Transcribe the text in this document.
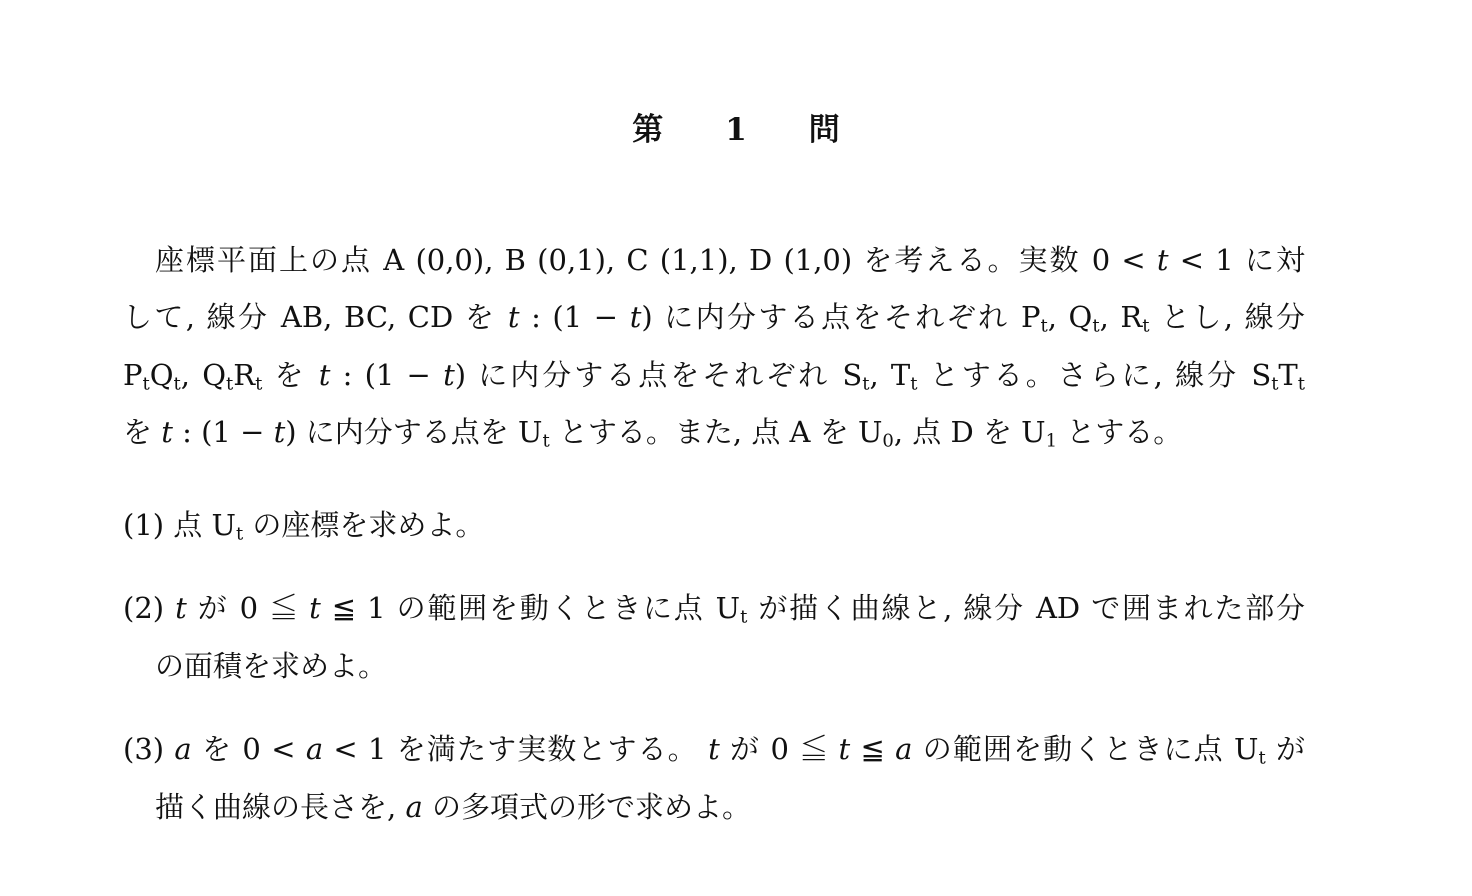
第 1 問
座標平面上の点 A (0,0), B (0,1), C (1,1), D (1,0) を考える。実数 0 < t < 1 に対
して, 線分 AB, BC, CD を t : (1 − t) に内分する点をそれぞれ $P_t$, $Q_t$, $R_t$ とし, 線分
$P_tQ_t$, $Q_tR_t$ を t : (1 − t) に内分する点をそれぞれ $S_t$, $T_t$ とする。さらに, 線分 $S_tT_t$
を t : (1 − t) に内分する点を $U_t$ とする。また, 点 A を $U_0$, 点 D を $U_1$ とする。
(1) 点 $U_t$ の座標を求めよ。
(2) t が 0 ≦ t ≦ 1 の範囲を動くときに点 $U_t$ が描く曲線と, 線分 AD で囲まれた部分
の面積を求めよ。
(3) a を 0 < a < 1 を満たす実数とする。 t が 0 ≦ t ≦ a の範囲を動くときに点 $U_t$ が
描く曲線の長さを, a の多項式の形で求めよ。
